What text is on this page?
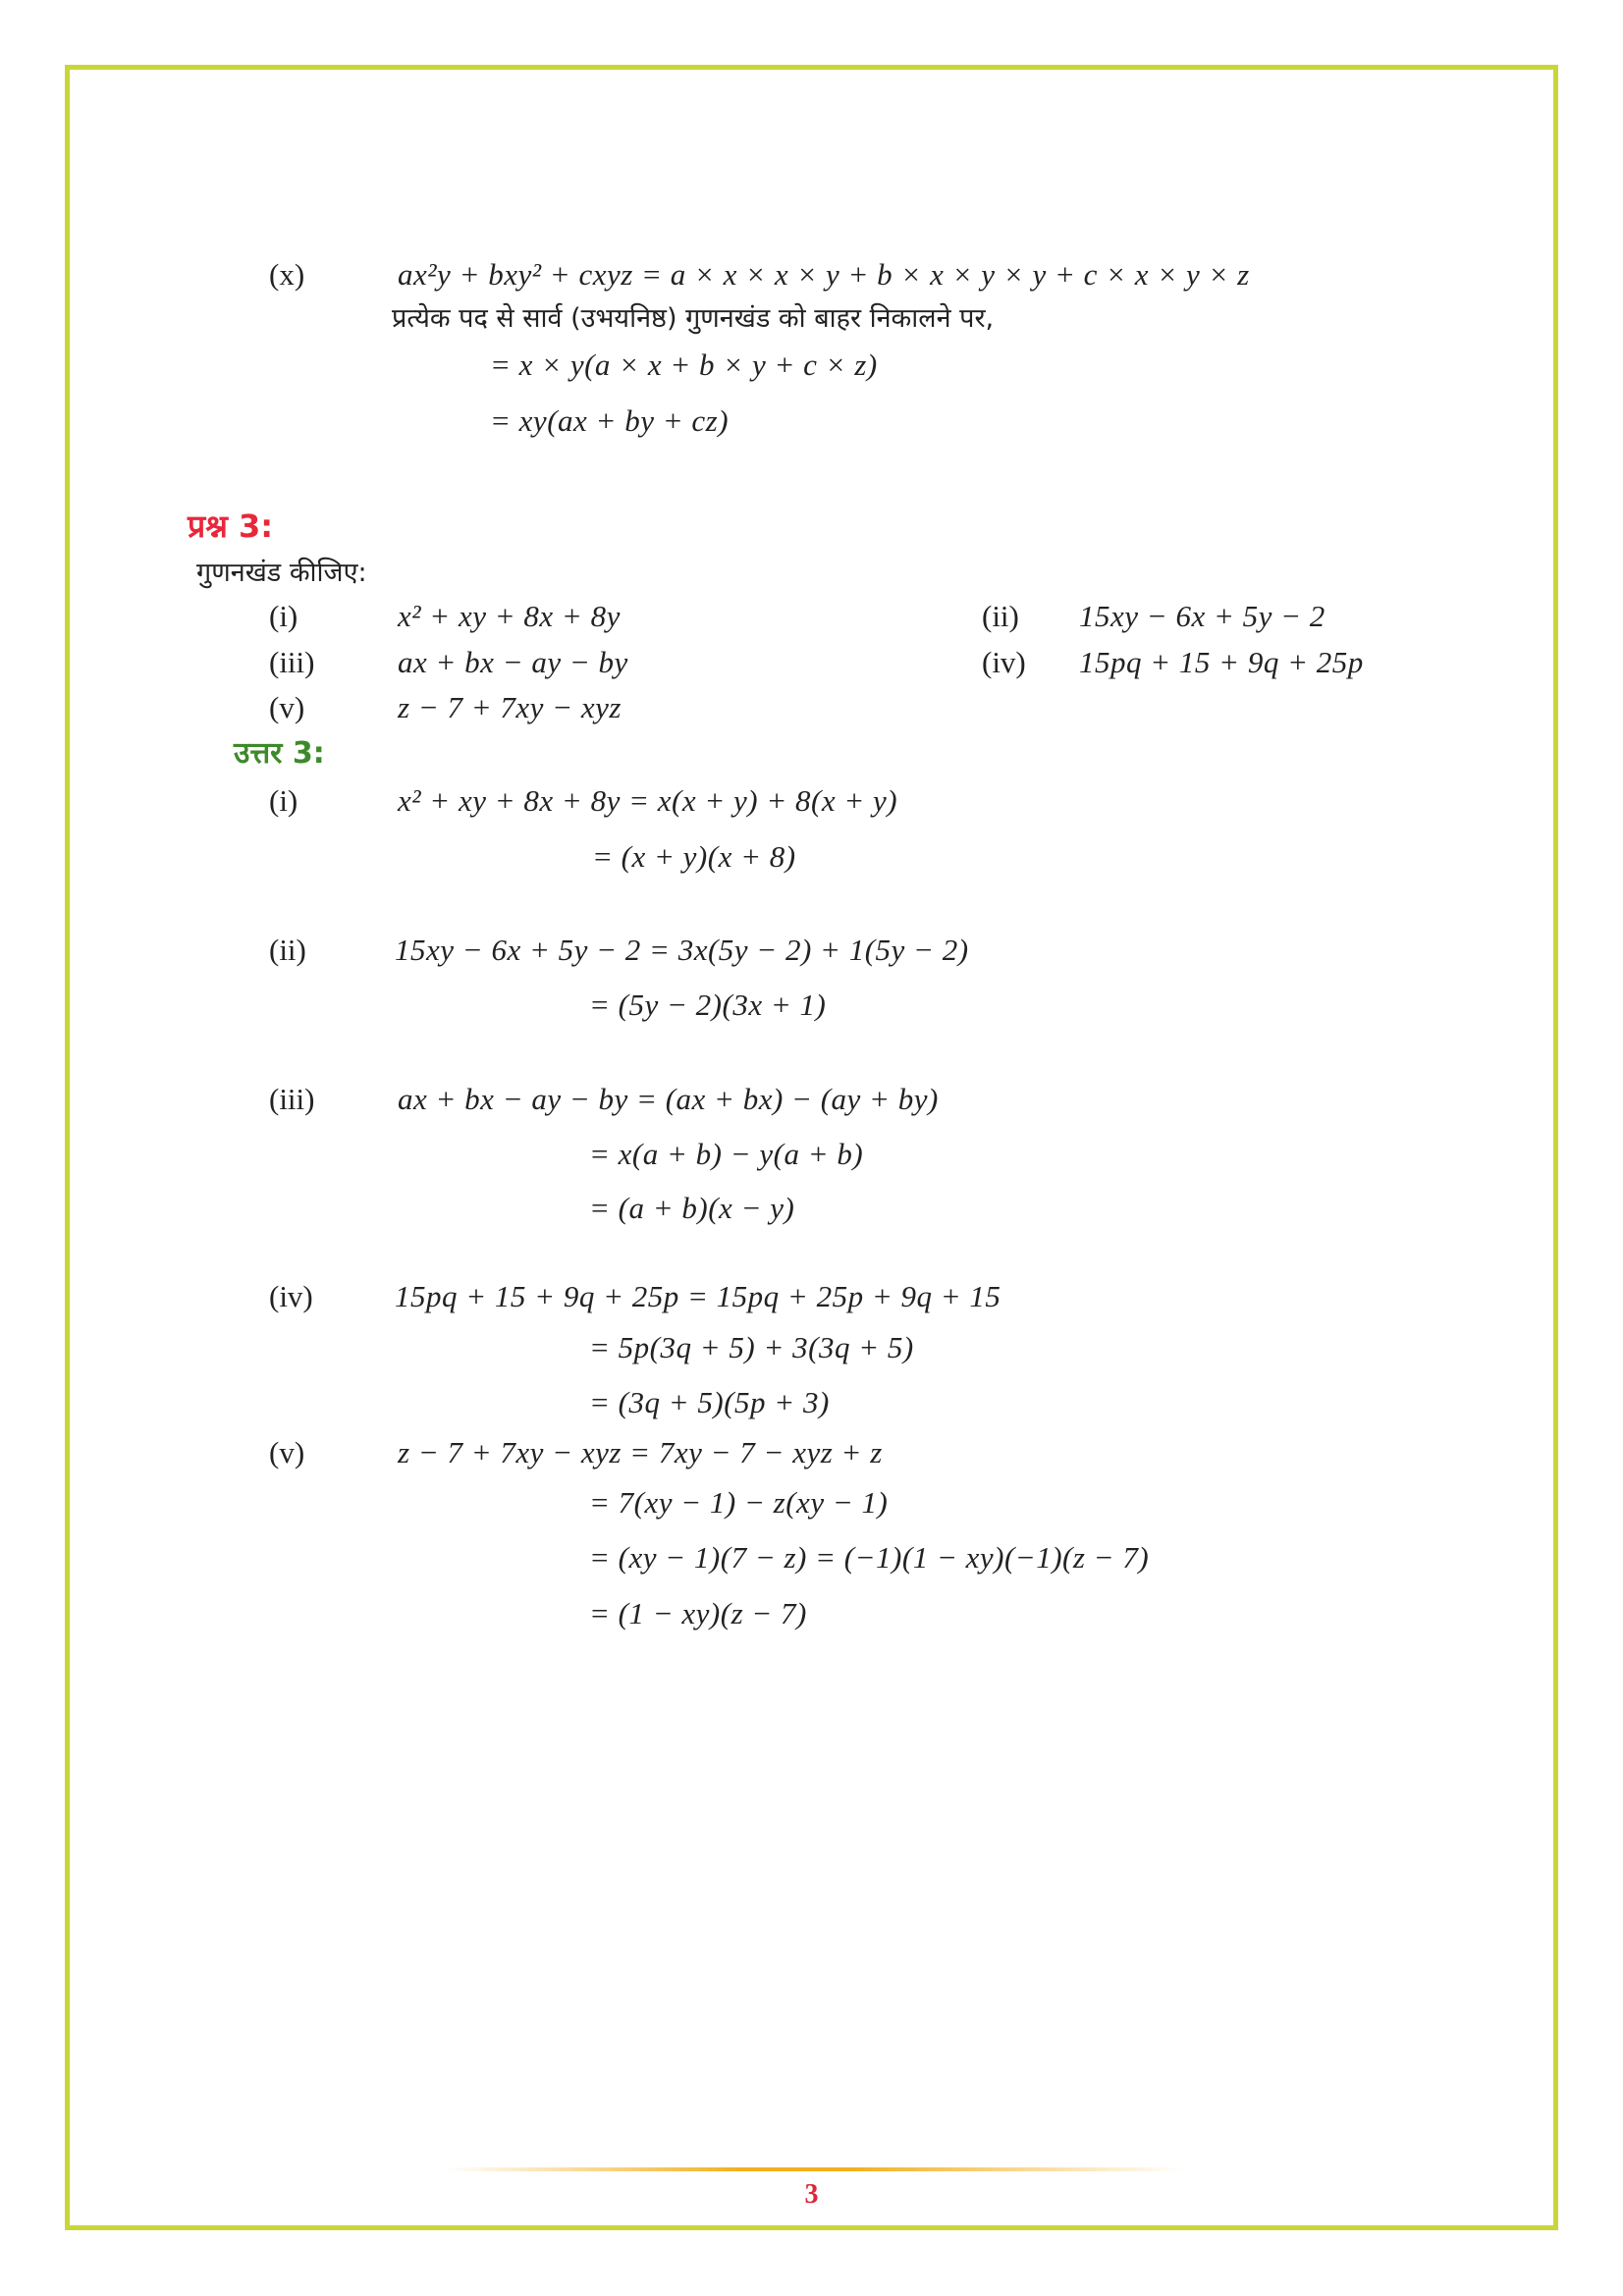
(x)	ax²y + bxy² + cxyz = a × x × x × y + b × x × y × y + c × x × y × z
प्रत्येक पद से सार्व (उभयनिष्ठ) गुणनखंड को बाहर निकालने पर,
= x × y(a × x + b × y + c × z)
= xy(ax + by + cz)
प्रश्न 3:
गुणनखंड कीजिए:
(i)	x² + xy + 8x + 8y	(ii) 15xy − 6x + 5y − 2
(iii)	ax + bx − ay − by	(iv) 15pq + 15 + 9q + 25p
(v)	z − 7 + 7xy − xyz
उत्तर 3:
(i)	x² + xy + 8x + 8y = x(x + y) + 8(x + y)
= (x + y)(x + 8)
(ii)	15xy − 6x + 5y − 2 = 3x(5y − 2) + 1(5y − 2)
= (5y − 2)(3x + 1)
(iii)	ax + bx − ay − by = (ax + bx) − (ay + by)
= x(a + b) − y(a + b)
= (a + b)(x − y)
(iv)	15pq + 15 + 9q + 25p = 15pq + 25p + 9q + 15
= 5p(3q + 5) + 3(3q + 5)
= (3q + 5)(5p + 3)
(v)	z − 7 + 7xy − xyz = 7xy − 7 − xyz + z
= 7(xy − 1) − z(xy − 1)
= (xy − 1)(7 − z) = (−1)(1 − xy)(−1)(z − 7)
= (1 − xy)(z − 7)
3
